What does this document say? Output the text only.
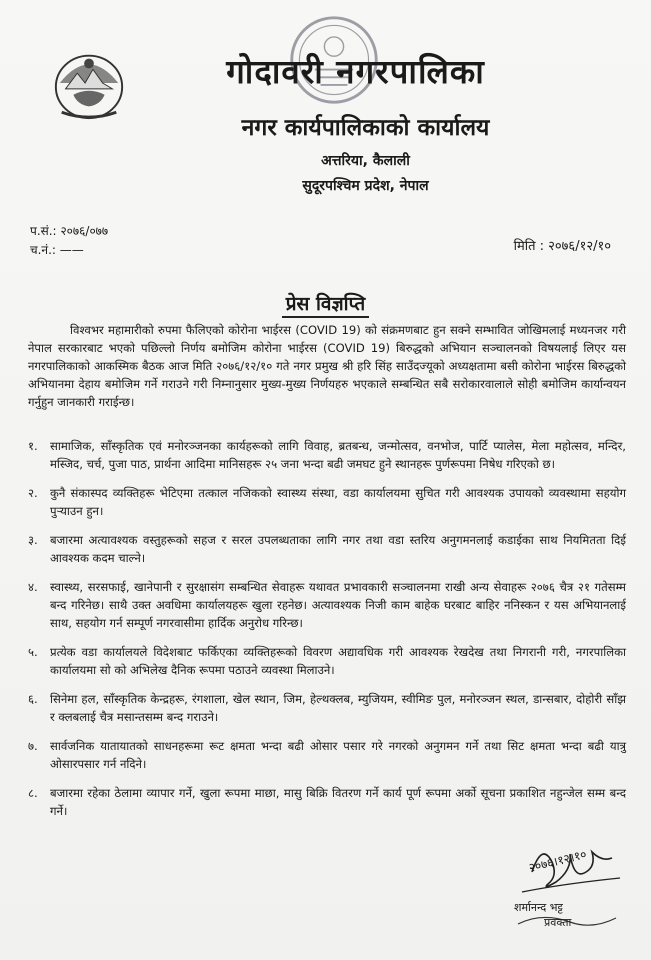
गोदावरी नगरपालिका
नगर कार्यपालिकाको कार्यालय
अत्तरिया, कैलाली
सुदूरपश्चिम प्रदेश, नेपाल
प.सं.: २०७६/०७७
च.नं.: ——	मिति : २०७६/१२/१०
प्रेस विज्ञप्ति
विश्वभर महामारीको रुपमा फैलिएको कोरोना भाईरस (COVID 19) को संक्रमणबाट हुन सक्ने सम्भावित जोखिमलाई मध्यनजर गरी नेपाल सरकारबाट भएको पछिल्लो निर्णय बमोजिम कोरोना भाईरस (COVID 19) बिरुद्धको अभियान सञ्चालनको विषयलाई लिएर यस नगरपालिकाको आकस्मिक बैठक आज मिति २०७६/१२/१० गते नगर प्रमुख श्री हरि सिंह साउँदज्यूको अध्यक्षतामा बसी कोरोना भाईरस बिरुद्धको अभियानमा देहाय बमोजिम गर्ने गराउने गरी निम्नानुसार मुख्य-मुख्य निर्णयहरु भएकाले सम्बन्धित सबै सरोकारवालाले सोही बमोजिम कार्यान्वयन गर्नुहुन जानकारी गराईन्छ।
१.	सामाजिक, साँस्कृतिक एवं मनोरञ्जनका कार्यहरूको लागि विवाह, ब्रतबन्ध, जन्मोत्सव, वनभोज, पार्टि प्यालेस, मेला महोत्सव, मन्दिर, मस्जिद, चर्च, पुजा पाठ, प्रार्थना आदिमा मानिसहरू २५ जना भन्दा बढी जमघट हुने स्थानहरू पुर्णरूपमा निषेध गरिएको छ।
२.	कुनै संकास्पद व्यक्तिहरू भेटिएमा तत्काल नजिकको स्वास्थ्य संस्था, वडा कार्यालयमा सुचित गरी आवश्यक उपायको व्यवस्थामा सहयोग पुर्‍याउन हुन।
३.	बजारमा अत्यावश्यक वस्तुहरूको सहज र सरल उपलब्धताका लागि नगर तथा वडा स्तरिय अनुगमनलाई कडाईका साथ नियमितता दिई आवश्यक कदम चाल्ने।
४.	स्वास्थ्य, सरसफाई, खानेपानी र सुरक्षासंग सम्बन्धित सेवाहरू यथावत प्रभावकारी सञ्चालनमा राखी अन्य सेवाहरू २०७६ चैत्र २१ गतेसम्म बन्द गरिनेछ। साथै उक्त अवधिमा कार्यालयहरू खुला रहनेछ। अत्यावश्यक निजी काम बाहेक घरबाट बाहिर ननिस्कन र यस अभियानलाई साथ, सहयोग गर्न सम्पूर्ण नगरवासीमा हार्दिक अनुरोध गरिन्छ।
५.	प्रत्येक वडा कार्यालयले विदेशबाट फर्किएका व्यक्तिहरूको विवरण अद्यावधिक गरी आवश्यक रेखदेख तथा निगरानी गरी, नगरपालिका कार्यालयमा सो को अभिलेख दैनिक रूपमा पठाउने व्यवस्था मिलाउने।
६.	सिनेमा हल, साँस्कृतिक केन्द्रहरू, रंगशाला, खेल स्थान, जिम, हेल्थक्लब, म्युजियम, स्वीमिङ पुल, मनोरञ्जन स्थल, डान्सबार, दोहोरी साँझ र क्लबलाई चैत्र मसान्तसम्म बन्द गराउने।
७.	सार्वजनिक यातायातको साधनहरूमा रूट क्षमता भन्दा बढी ओसार पसार गरे नगरको अनुगमन गर्ने तथा सिट क्षमता भन्दा बढी यात्रु ओसारपसार गर्न नदिने।
८.	बजारमा रहेका ठेलामा व्यापार गर्ने, खुला रूपमा माछा, मासु बिक्रि वितरण गर्ने कार्य पूर्ण रूपमा अर्को सूचना प्रकाशित नहुन्जेल सम्म बन्द गर्ने।
२०७६।१२।१०
शर्मानन्द भट्ट
प्रवक्ता
